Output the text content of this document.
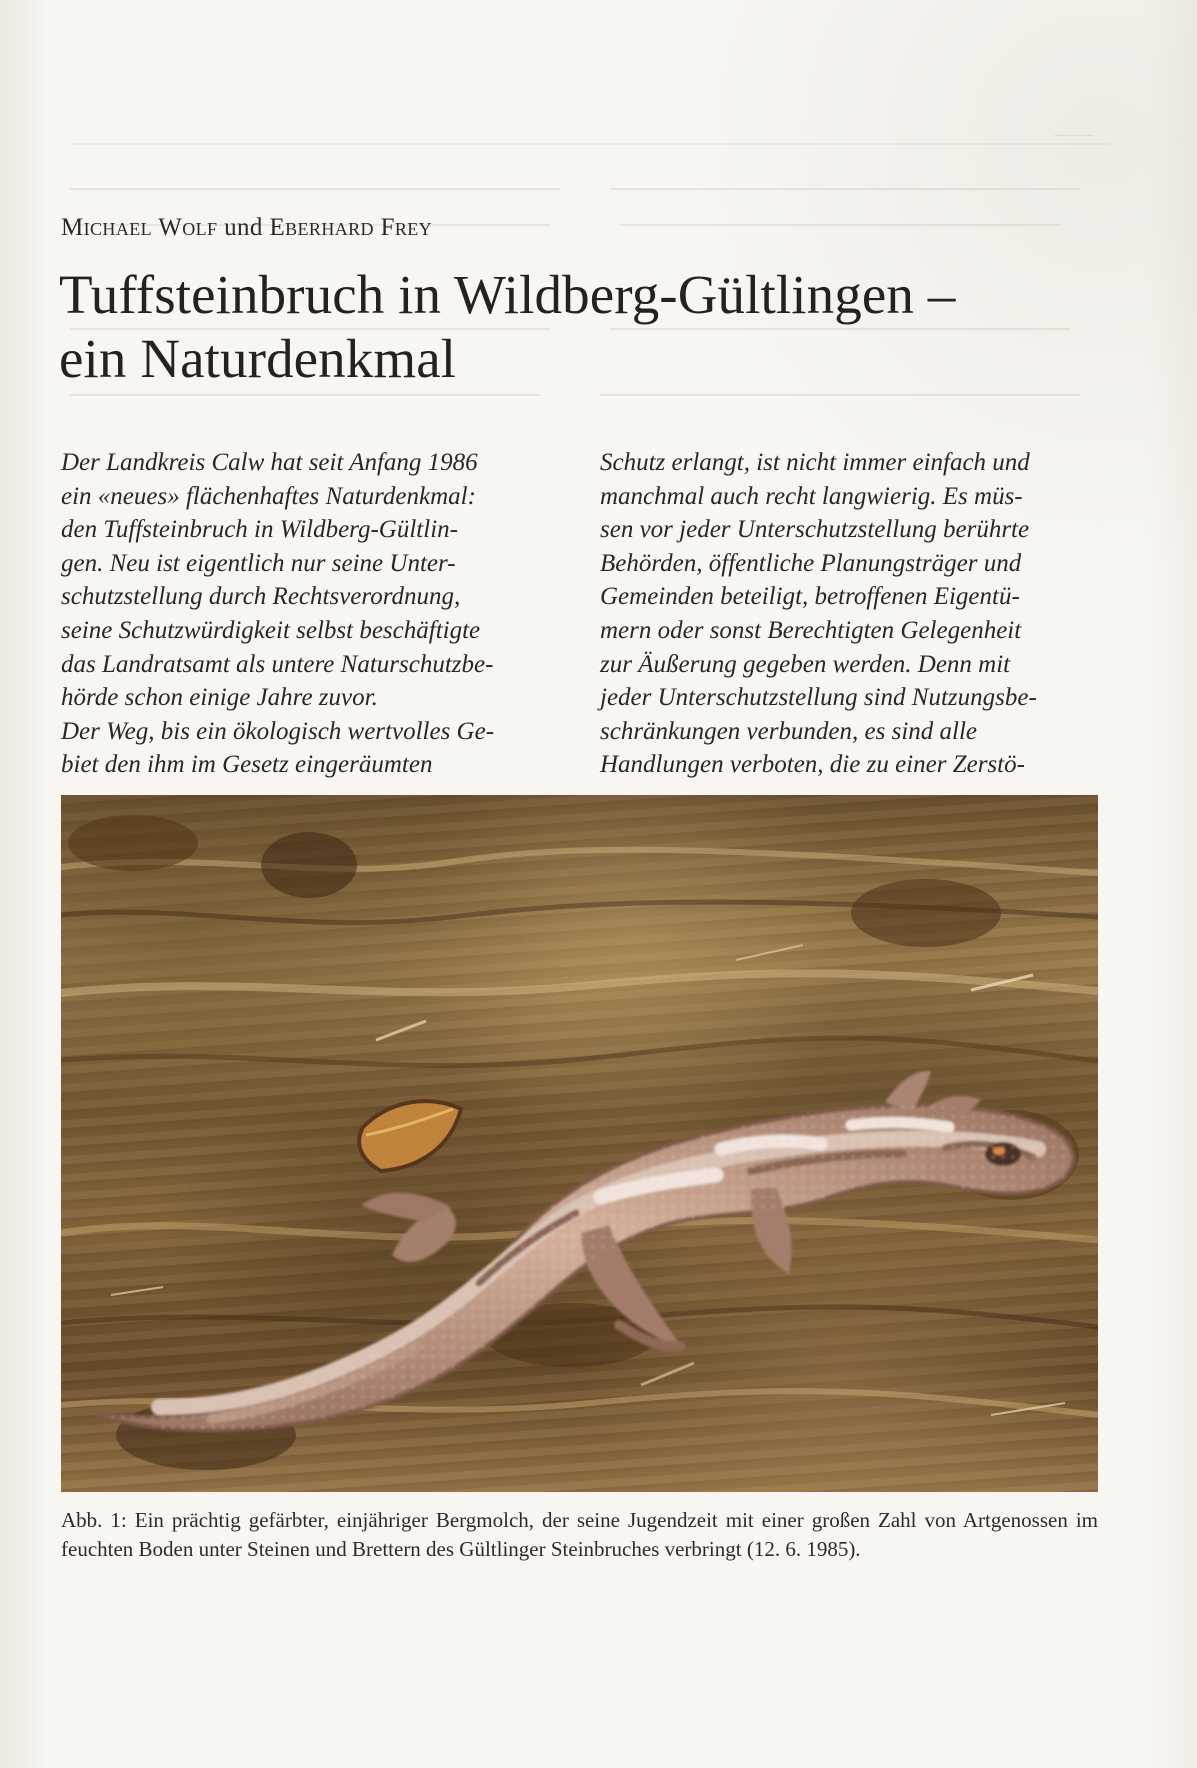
___
Michael Wolf und Eberhard Frey
Tuffsteinbruch in Wildberg-Gültlingen –
ein Naturdenkmal

Der Landkreis Calw hat seit Anfang 1986
ein «neues» flächenhaftes Naturdenkmal:
den Tuffsteinbruch in Wildberg-Gültlin-
gen. Neu ist eigentlich nur seine Unter-
schutzstellung durch Rechtsverordnung,
seine Schutzwürdigkeit selbst beschäftigte
das Landratsamt als untere Naturschutzbe-
hörde schon einige Jahre zuvor.
Der Weg, bis ein ökologisch wertvolles Ge-
biet den ihm im Gesetz eingeräumten

Schutz erlangt, ist nicht immer einfach und
manchmal auch recht langwierig. Es müs-
sen vor jeder Unterschutzstellung berührte
Behörden, öffentliche Planungsträger und
Gemeinden beteiligt, betroffenen Eigentü-
mern oder sonst Berechtigten Gelegenheit
zur Äußerung gegeben werden. Denn mit
jeder Unterschutzstellung sind Nutzungsbe-
schränkungen verbunden, es sind alle
Handlungen verboten, die zu einer Zerstö-

Abb. 1: Ein prächtig gefärbter, einjähriger Bergmolch, der seine Jugendzeit mit einer großen Zahl von Artgenossen im feuchten Boden unter Steinen und Brettern des Gültlinger Steinbruches verbringt (12. 6. 1985).
